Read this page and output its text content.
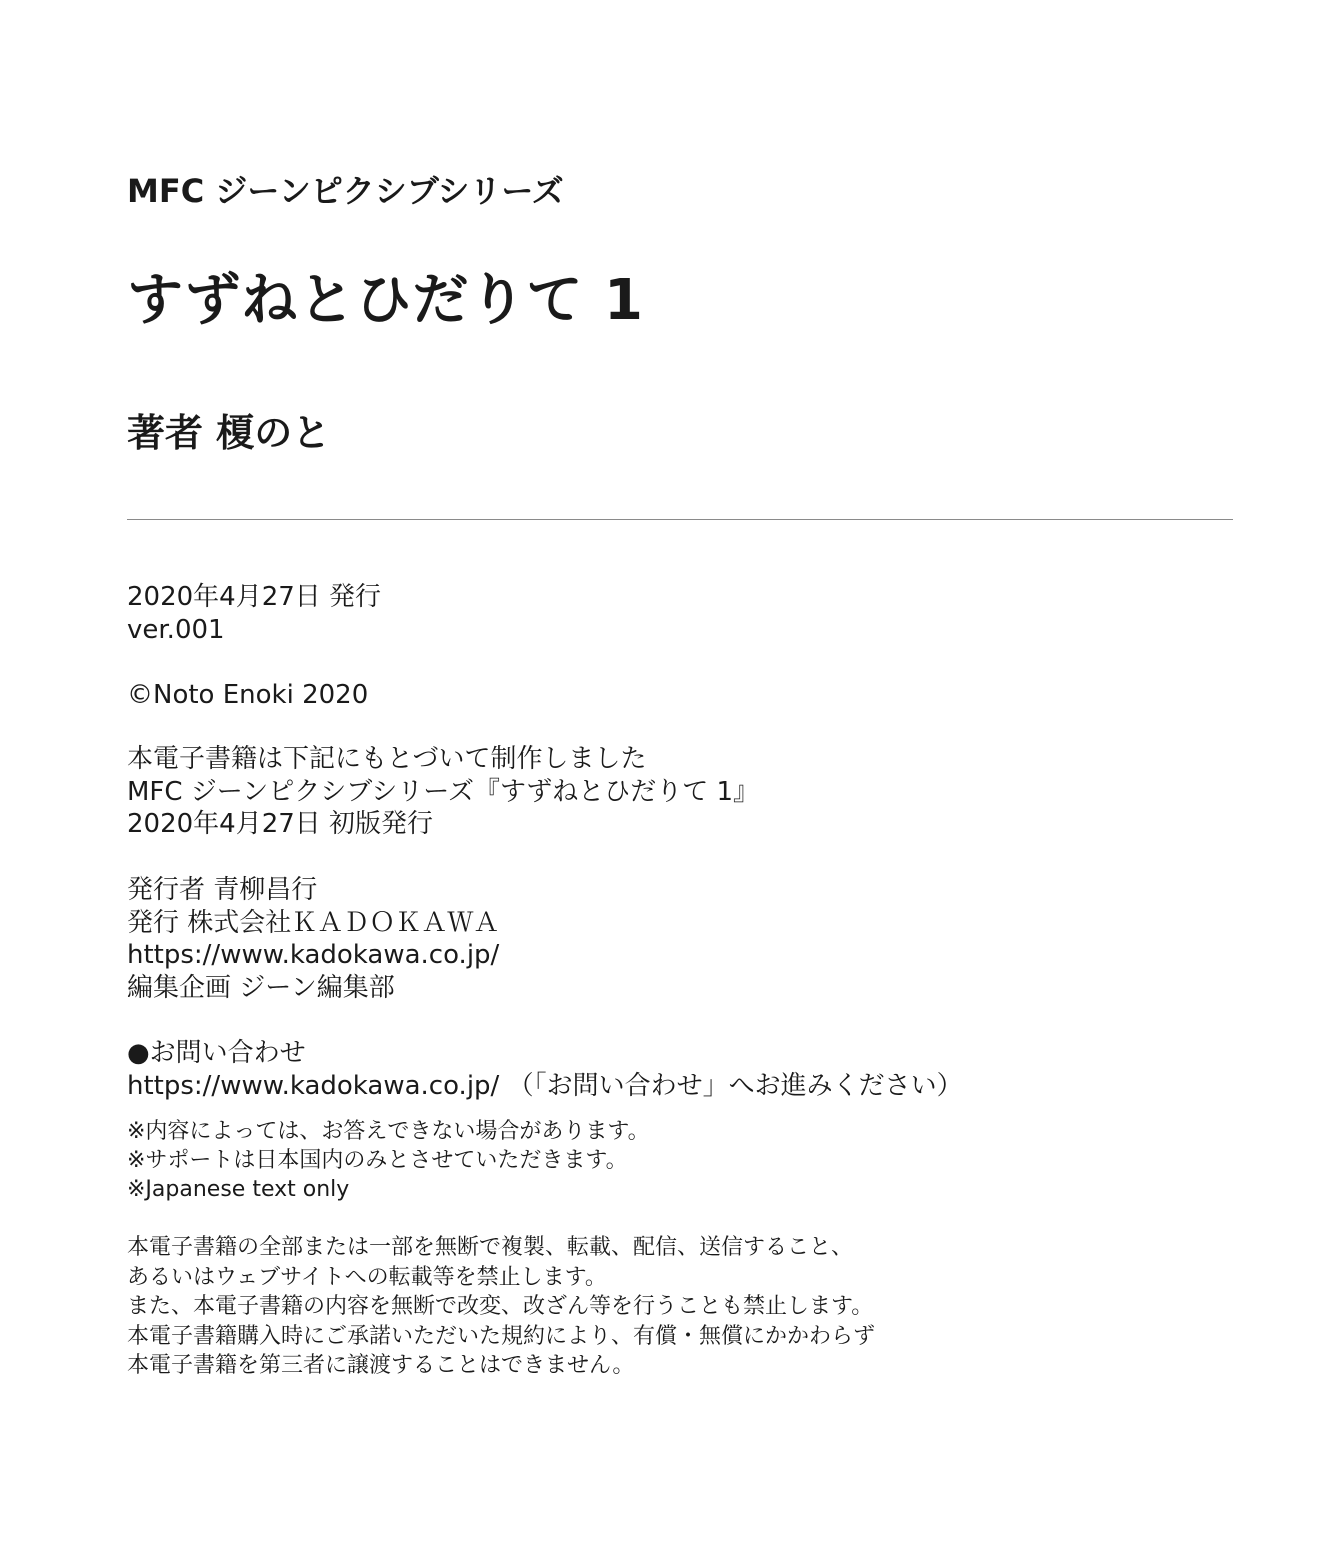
MFC ジーンピクシブシリーズ
すずねとひだりて 1
著者 榎のと
2020年4月27日 発行
ver.001
©Noto Enoki 2020
本電子書籍は下記にもとづいて制作しました
MFC ジーンピクシブシリーズ『すずねとひだりて 1』
2020年4月27日 初版発行
発行者 青柳昌行
発行 株式会社ＫＡＤＯＫＡＷＡ
https://www.kadokawa.co.jp/
編集企画 ジーン編集部
●お問い合わせ
https://www.kadokawa.co.jp/ （「お問い合わせ」へお進みください）
※内容によっては、お答えできない場合があります。
※サポートは日本国内のみとさせていただきます。
※Japanese text only
本電子書籍の全部または一部を無断で複製、転載、配信、送信すること、
あるいはウェブサイトへの転載等を禁止します。
また、本電子書籍の内容を無断で改変、改ざん等を行うことも禁止します。
本電子書籍購入時にご承諾いただいた規約により、有償・無償にかかわらず
本電子書籍を第三者に譲渡することはできません。
